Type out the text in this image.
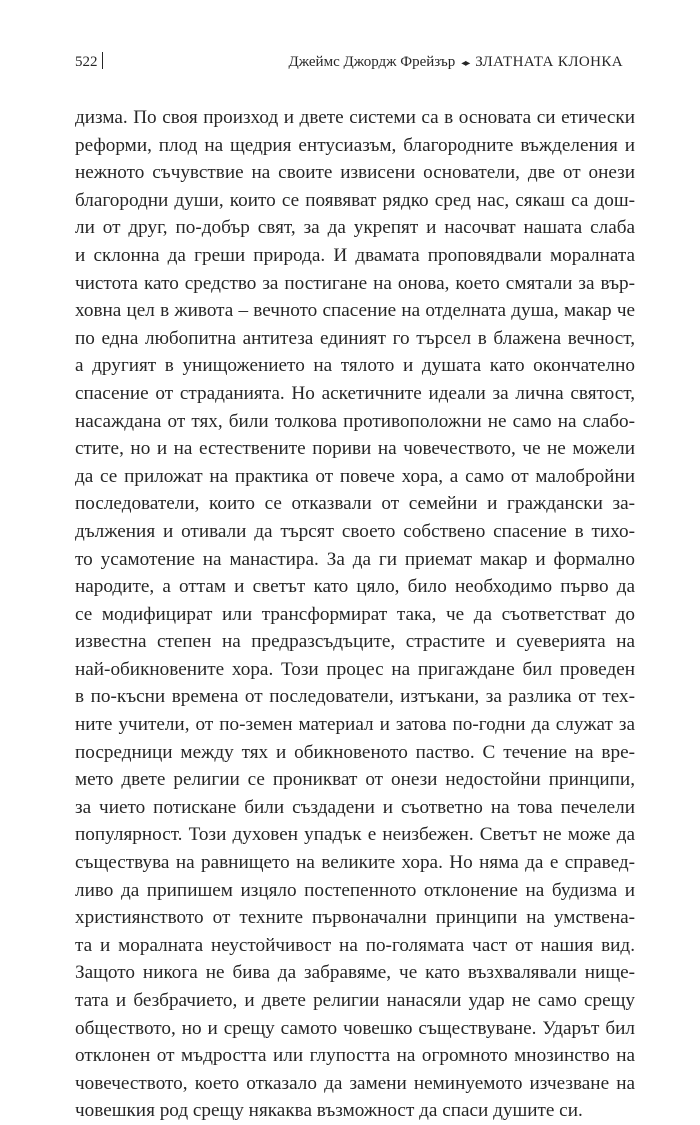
522	Джеймс Джордж Фрейзър ◂▸ ЗЛАТНАТА КЛОНКА
дизма. По своя произход и двете системи са в основата си етически
реформи, плод на щедрия ентусиазъм, благородните въжделения и
нежното съчувствие на своите извисени основатели, две от онези
благородни души, които се появяват рядко сред нас, сякаш са дош-
ли от друг, по-добър свят, за да укрепят и насочват нашата слаба
и склонна да греши природа. И двамата проповядвали моралната
чистота като средство за постигане на онова, което смятали за вър-
ховна цел в живота – вечното спасение на отделната душа, макар че
по една любопитна антитеза единият го търсел в блажена вечност,
а другият в унищожението на тялото и душата като окончателно
спасение от страданията. Но аскетичните идеали за лична святост,
насаждана от тях, били толкова противоположни не само на слабо-
стите, но и на естествените пориви на човечеството, че не можели
да се приложат на практика от повече хора, а само от малобройни
последователи, които се отказвали от семейни и граждански за-
дължения и отивали да търсят своето собствено спасение в тихо-
то усамотение на манастира. За да ги приемат макар и формално
народите, а оттам и светът като цяло, било необходимо първо да
се модифицират или трансформират така, че да съответстват до
известна степен на предразсъдъците, страстите и суеверията на
най-обикновените хора. Този процес на пригаждане бил проведен
в по-късни времена от последователи, изтъкани, за разлика от тех-
ните учители, от по-земен материал и затова по-годни да служат за
посредници между тях и обикновеното паство. С течение на вре-
мето двете религии се проникват от онези недостойни принципи,
за чието потискане били създадени и съответно на това печелели
популярност. Този духовен упадък е неизбежен. Светът не може да
съществува на равнището на великите хора. Но няма да е справед-
ливо да припишем изцяло постепенното отклонение на будизма и
християнството от техните първоначални принципи на умствена-
та и моралната неустойчивост на по-голямата част от нашия вид.
Защото никога не бива да забравяме, че като възхвалявали нище-
тата и безбрачието, и двете религии нанасяли удар не само срещу
обществото, но и срещу самото човешко съществуване. Ударът бил
отклонен от мъдростта или глупостта на огромното мнозинство на
човечеството, което отказало да замени неминуемото изчезване на
човешкия род срещу някаква възможност да спаси душите си.
